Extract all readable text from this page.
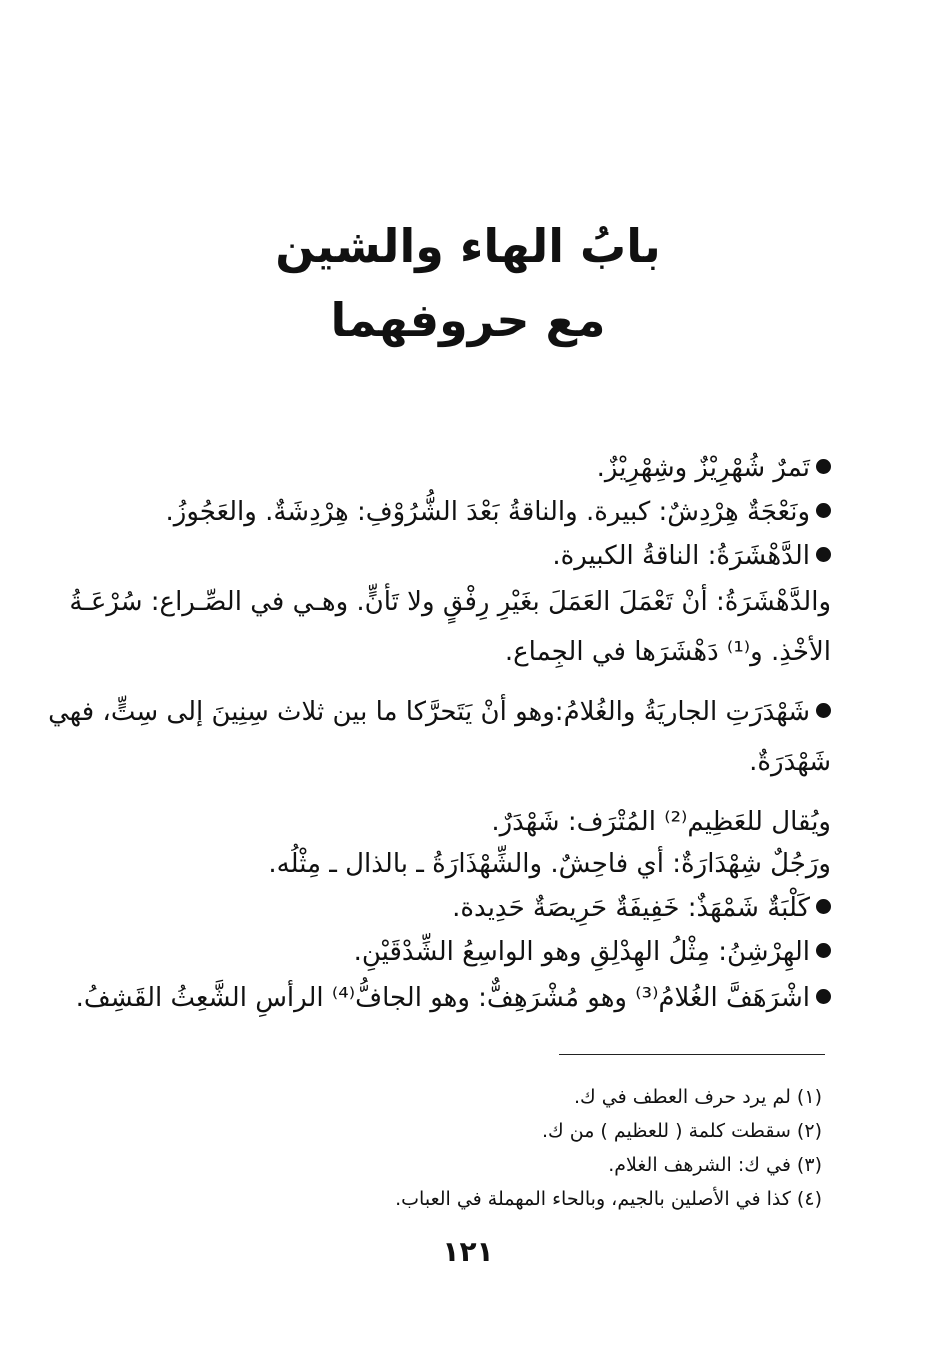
بابُ الهاء والشين
مع حروفهما
تَمرٌ شُهْرِيْزٌ وشِهْرِيْزٌ.
ونَعْجَةٌ هِرْدِشٌ: كبيرة. والناقةُ بَعْدَ الشُّرُوْفِ: هِرْدِشَةٌ. والعَجُوزُ.
الدَّهْشَرَةُ: الناقةُ الكبيرة.
والدَّهْشَرَةُ: أنْ تَعْمَلَ العَمَلَ بغَيْرِ رِفْقٍ ولا تَأنٍّ. وهـي في الصِّـراع: سُرْعَـةُ
الأخْذِ. و⁽¹⁾ دَهْشَرَها في الجِماع.
شَهْدَرَتِ الجاريَةُ والغُلامُ:وهو أنْ يَتَحرَّكا ما بين ثلاث سِنِينَ إلى سِتٍّ، فهي
شَهْدَرَةٌ.
ويُقال للعَظِيم⁽²⁾ المُتْرَف: شَهْدَرٌ.
ورَجُلٌ شِهْدَارَةٌ: أي فاحِشٌ. والشِّهْذَارَةُ ـ بالذال ـ مِثْلُه.
كَلْبَةٌ شَمْهَذٌ: خَفِيفَةٌ حَرِيصَةٌ حَدِيدة.
الهِرْشِنُ: مِثْلُ الهِدْلِقِ وهو الواسِعُ الشِّدْقَيْنِ.
اشْرَهَفَّ الغُلامُ⁽³⁾ وهو مُشْرَهِفٌّ: وهو الجافُّ⁽⁴⁾ الرأسِ الشَّعِثُ القَشِفُ.
(١) لم يرد حرف العطف في ك.
(٢) سقطت كلمة ( للعظيم ) من ك.
(٣) في ك: الشرهف الغلام.
(٤) كذا في الأصلين بالجيم، وبالحاء المهملة في العباب.
١٢١
